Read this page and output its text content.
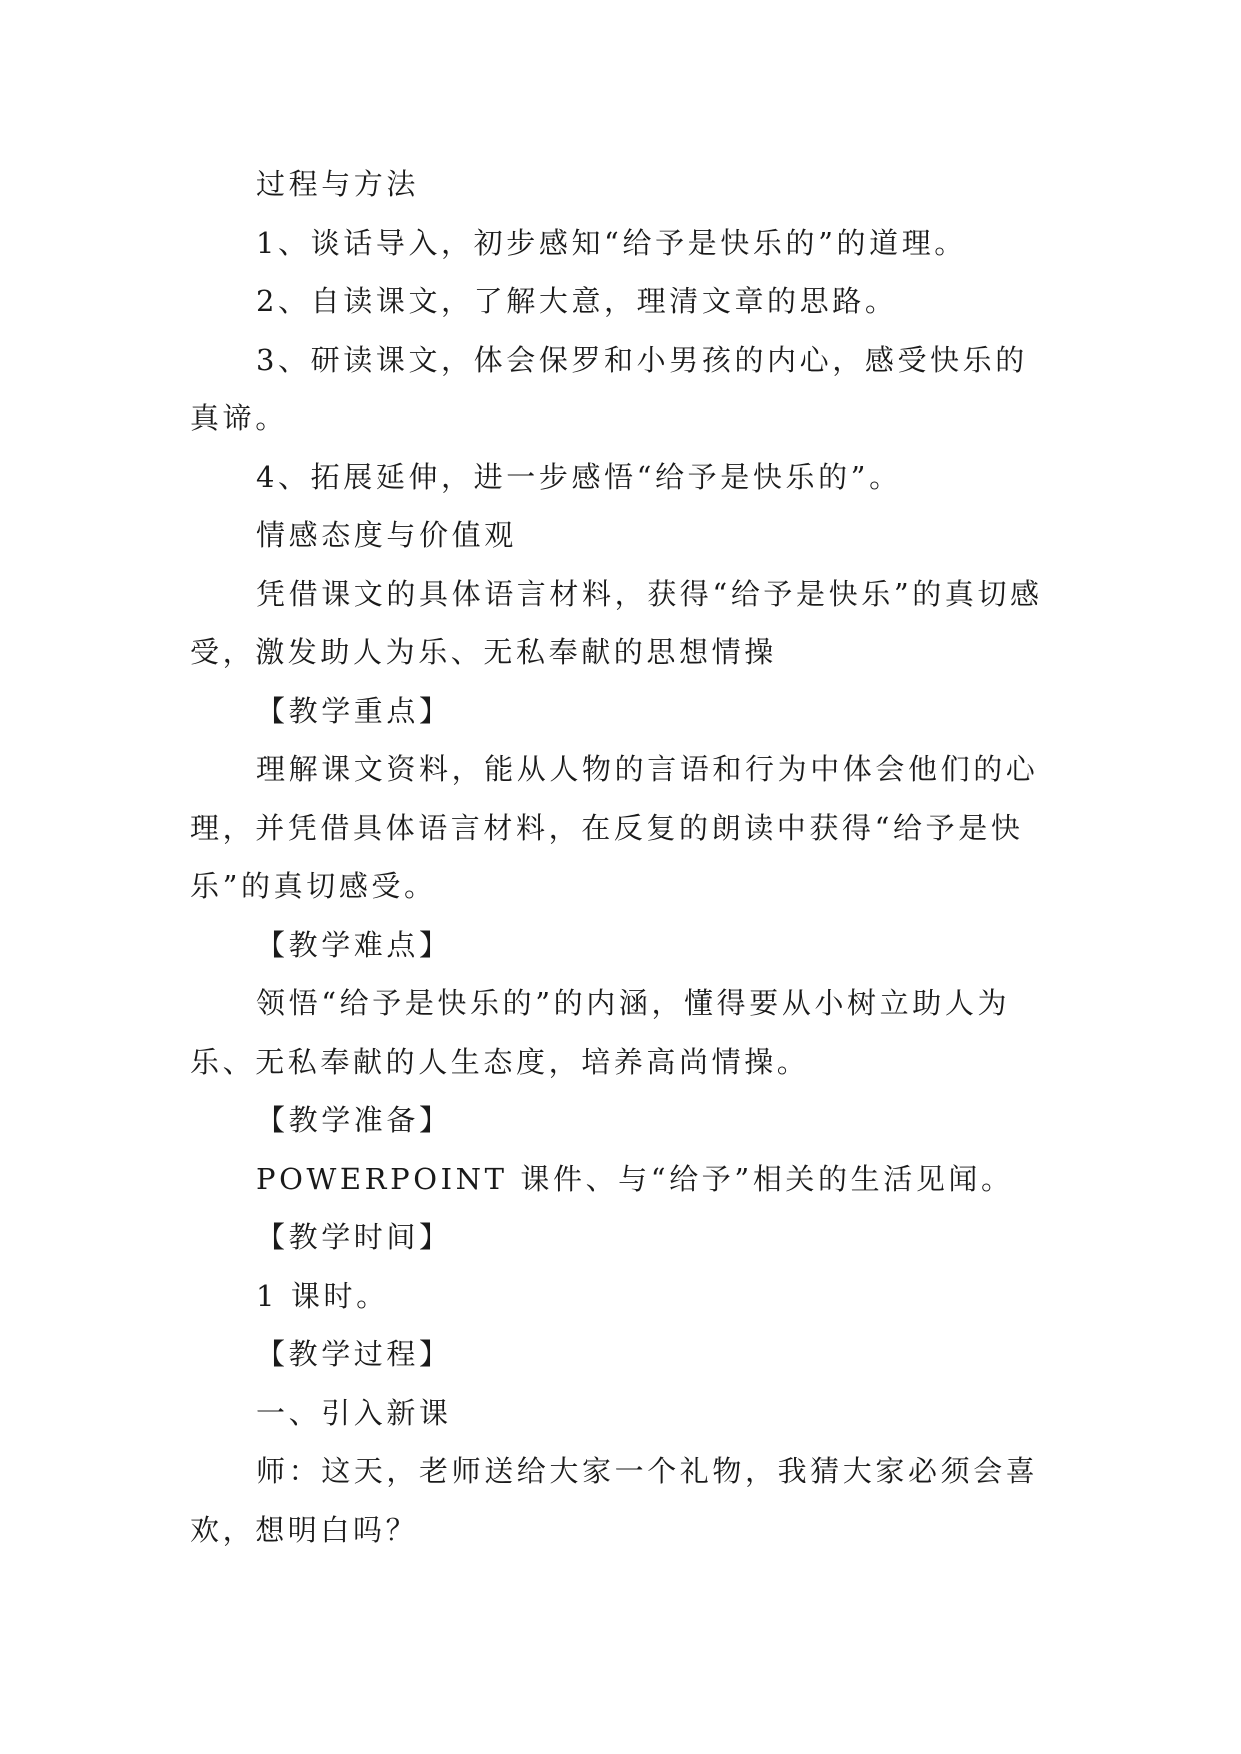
过程与方法

1、谈话导入，初步感知“给予是快乐的”的道理。

2、自读课文，了解大意，理清文章的思路。

3、研读课文，体会保罗和小男孩的内心，感受快乐的真谛。

4、拓展延伸，进一步感悟“给予是快乐的”。

情感态度与价值观

凭借课文的具体语言材料，获得“给予是快乐”的真切感受，激发助人为乐、无私奉献的思想情操

【教学重点】

理解课文资料，能从人物的言语和行为中体会他们的心理，并凭借具体语言材料，在反复的朗读中获得“给予是快乐”的真切感受。

【教学难点】

领悟“给予是快乐的”的内涵，懂得要从小树立助人为乐、无私奉献的人生态度，培养高尚情操。

【教学准备】

POWERPOINT 课件、与“给予”相关的生活见闻。

【教学时间】

1 课时。

【教学过程】

一、引入新课

师：这天，老师送给大家一个礼物，我猜大家必须会喜欢，想明白吗？
